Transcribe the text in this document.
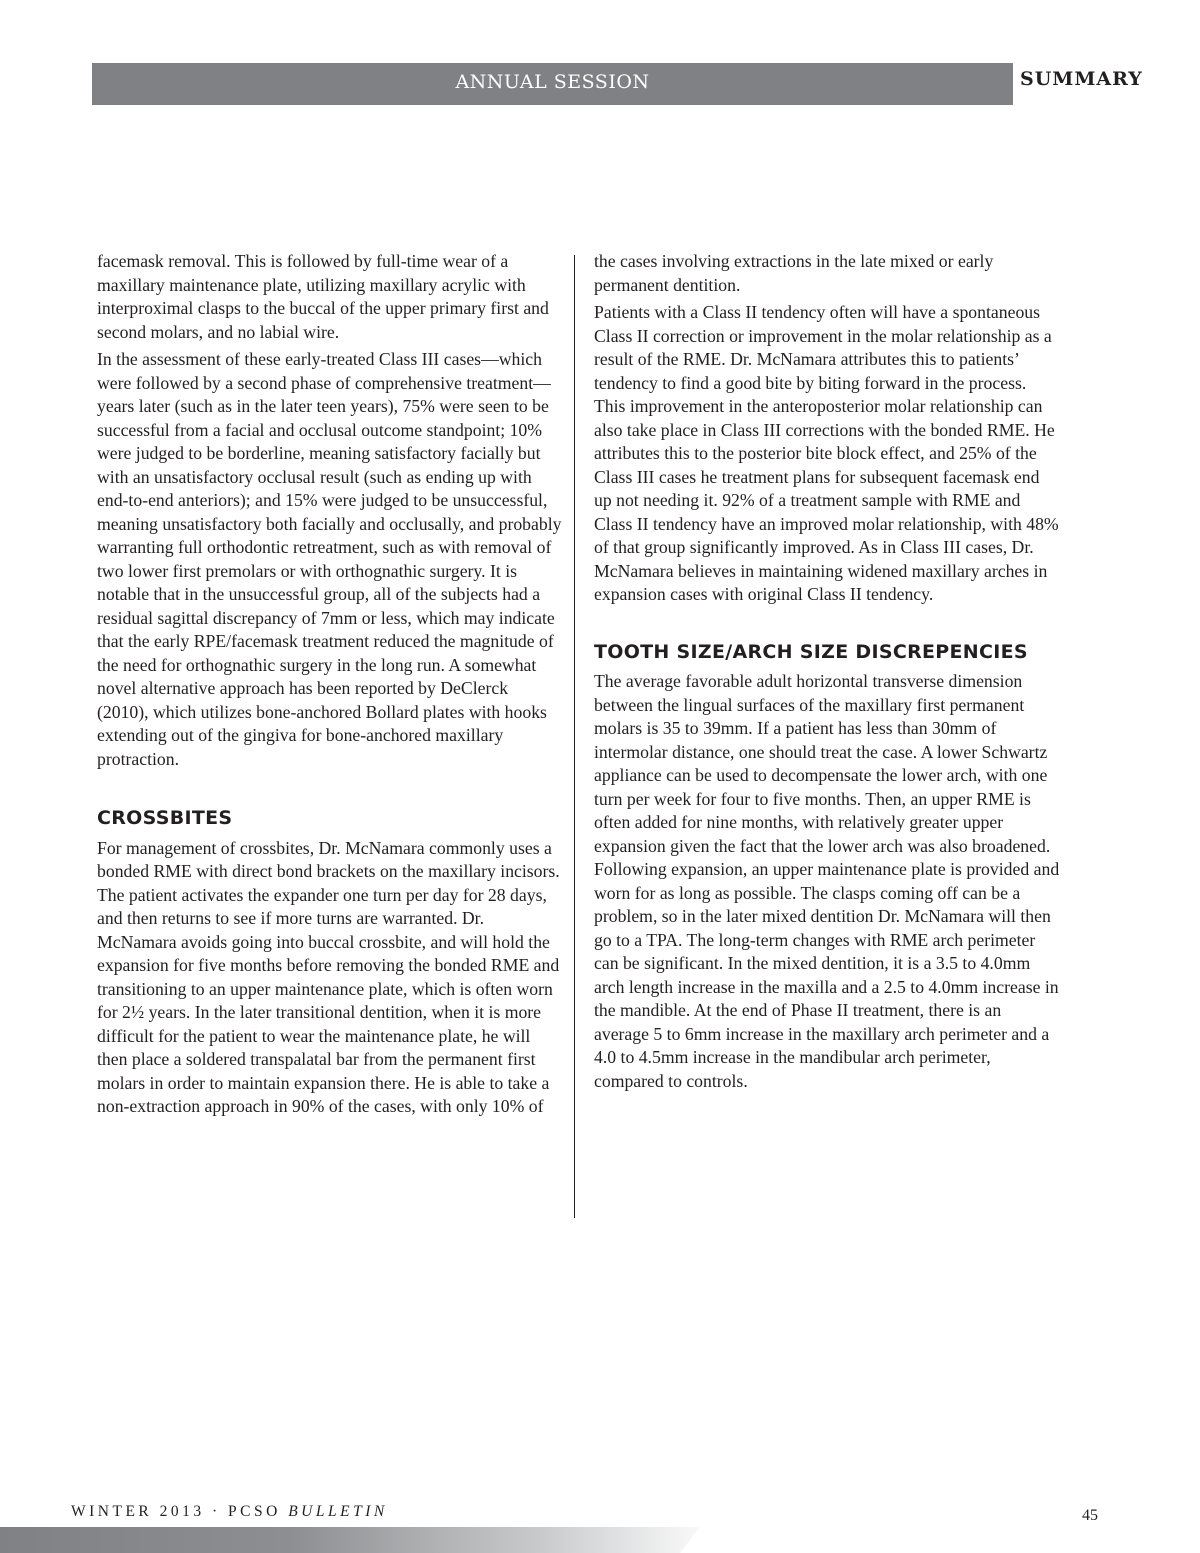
ANNUAL SESSION	SUMMARY

facemask removal. This is followed by full-time wear of a maxillary maintenance plate, utilizing maxillary acrylic with interproximal clasps to the buccal of the upper primary first and second molars, and no labial wire.

In the assessment of these early-treated Class III cases—which were followed by a second phase of comprehensive treatment—years later (such as in the later teen years), 75% were seen to be successful from a facial and occlusal outcome standpoint; 10% were judged to be borderline, meaning satisfactory facially but with an unsatisfactory occlusal result (such as ending up with end-to-end anteriors); and 15% were judged to be unsuccessful, meaning unsatisfactory both facially and occlusally, and probably warranting full orthodontic retreatment, such as with removal of two lower first premolars or with orthognathic surgery. It is notable that in the unsuccessful group, all of the subjects had a residual sagittal discrepancy of 7mm or less, which may indicate that the early RPE/facemask treatment reduced the magnitude of the need for orthognathic surgery in the long run. A somewhat novel alternative approach has been reported by DeClerck (2010), which utilizes bone-anchored Bollard plates with hooks extending out of the gingiva for bone-anchored maxillary protraction.

CROSSBITES

For management of crossbites, Dr. McNamara commonly uses a bonded RME with direct bond brackets on the maxillary incisors. The patient activates the expander one turn per day for 28 days, and then returns to see if more turns are warranted. Dr. McNamara avoids going into buccal crossbite, and will hold the expansion for five months before removing the bonded RME and transitioning to an upper maintenance plate, which is often worn for 2½ years. In the later transitional dentition, when it is more difficult for the patient to wear the maintenance plate, he will then place a soldered transpalatal bar from the permanent first molars in order to maintain expansion there. He is able to take a non-extraction approach in 90% of the cases, with only 10% of

the cases involving extractions in the late mixed or early permanent dentition.

Patients with a Class II tendency often will have a spontaneous Class II correction or improvement in the molar relationship as a result of the RME. Dr. McNamara attributes this to patients’ tendency to find a good bite by biting forward in the process. This improvement in the anteroposterior molar relationship can also take place in Class III corrections with the bonded RME. He attributes this to the posterior bite block effect, and 25% of the Class III cases he treatment plans for subsequent facemask end up not needing it. 92% of a treatment sample with RME and Class II tendency have an improved molar relationship, with 48% of that group significantly improved. As in Class III cases, Dr. McNamara believes in maintaining widened maxillary arches in expansion cases with original Class II tendency.

TOOTH SIZE/ARCH SIZE DISCREPENCIES

The average favorable adult horizontal transverse dimension between the lingual surfaces of the maxillary first permanent molars is 35 to 39mm. If a patient has less than 30mm of intermolar distance, one should treat the case. A lower Schwartz appliance can be used to decompensate the lower arch, with one turn per week for four to five months. Then, an upper RME is often added for nine months, with relatively greater upper expansion given the fact that the lower arch was also broadened. Following expansion, an upper maintenance plate is provided and worn for as long as possible. The clasps coming off can be a problem, so in the later mixed dentition Dr. McNamara will then go to a TPA. The long-term changes with RME arch perimeter can be significant. In the mixed dentition, it is a 3.5 to 4.0mm arch length increase in the maxilla and a 2.5 to 4.0mm increase in the mandible. At the end of Phase II treatment, there is an average 5 to 6mm increase in the maxillary arch perimeter and a 4.0 to 4.5mm increase in the mandibular arch perimeter, compared to controls.

WINTER 2013 · PCSO BULLETIN	45
